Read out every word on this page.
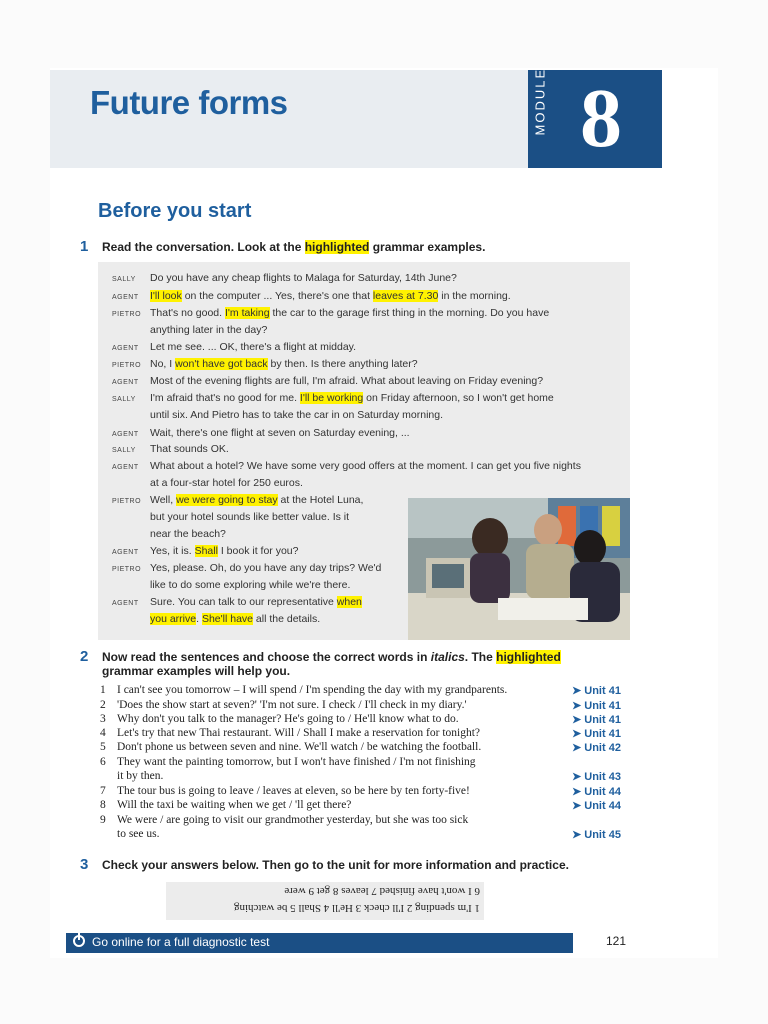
Future forms	MODULE 8
Before you start
1 Read the conversation. Look at the highlighted grammar examples.
SALLY Do you have any cheap flights to Malaga for Saturday, 14th June?
AGENT I'll look on the computer ... Yes, there's one that leaves at 7.30 in the morning.
PIETRO That's no good. I'm taking the car to the garage first thing in the morning. Do you have
anything later in the day?
AGENT Let me see. ... OK, there's a flight at midday.
PIETRO No, I won't have got back by then. Is there anything later?
AGENT Most of the evening flights are full, I'm afraid. What about leaving on Friday evening?
SALLY I'm afraid that's no good for me. I'll be working on Friday afternoon, so I won't get home
until six. And Pietro has to take the car in on Saturday morning.
AGENT Wait, there's one flight at seven on Saturday evening, ...
SALLY That sounds OK.
AGENT What about a hotel? We have some very good offers at the moment. I can get you five nights
at a four-star hotel for 250 euros.
PIETRO Well, we were going to stay at the Hotel Luna,
but your hotel sounds like better value. Is it
near the beach?
AGENT Yes, it is. Shall I book it for you?
PIETRO Yes, please. Oh, do you have any day trips? We'd
like to do some exploring while we're there.
AGENT Sure. You can talk to our representative when
you arrive. She'll have all the details.
2 Now read the sentences and choose the correct words in italics. The highlighted
grammar examples will help you.
1 I can't see you tomorrow – I will spend / I'm spending the day with my grandparents.	➤ Unit 41
2 'Does the show start at seven?' 'I'm not sure. I check / I'll check in my diary.'	➤ Unit 41
3 Why don't you talk to the manager? He's going to / He'll know what to do.	➤ Unit 41
4 Let's try that new Thai restaurant. Will / Shall I make a reservation for tonight?	➤ Unit 41
5 Don't phone us between seven and nine. We'll watch / be watching the football.	➤ Unit 42
6 They want the painting tomorrow, but I won't have finished / I'm not finishing
it by then.	➤ Unit 43
7 The tour bus is going to leave / leaves at eleven, so be here by ten forty-five!	➤ Unit 44
8 Will the taxi be waiting when we get / 'll get there?	➤ Unit 44
9 We were / are going to visit our grandmother yesterday, but she was too sick
to see us.	➤ Unit 45
3 Check your answers below. Then go to the unit for more information and practice.
6 I won't have finished 7 leaves 8 get 9 were
1 I'm spending 2 I'll check 3 He'll 4 Shall 5 be watching
Go online for a full diagnostic test	121
